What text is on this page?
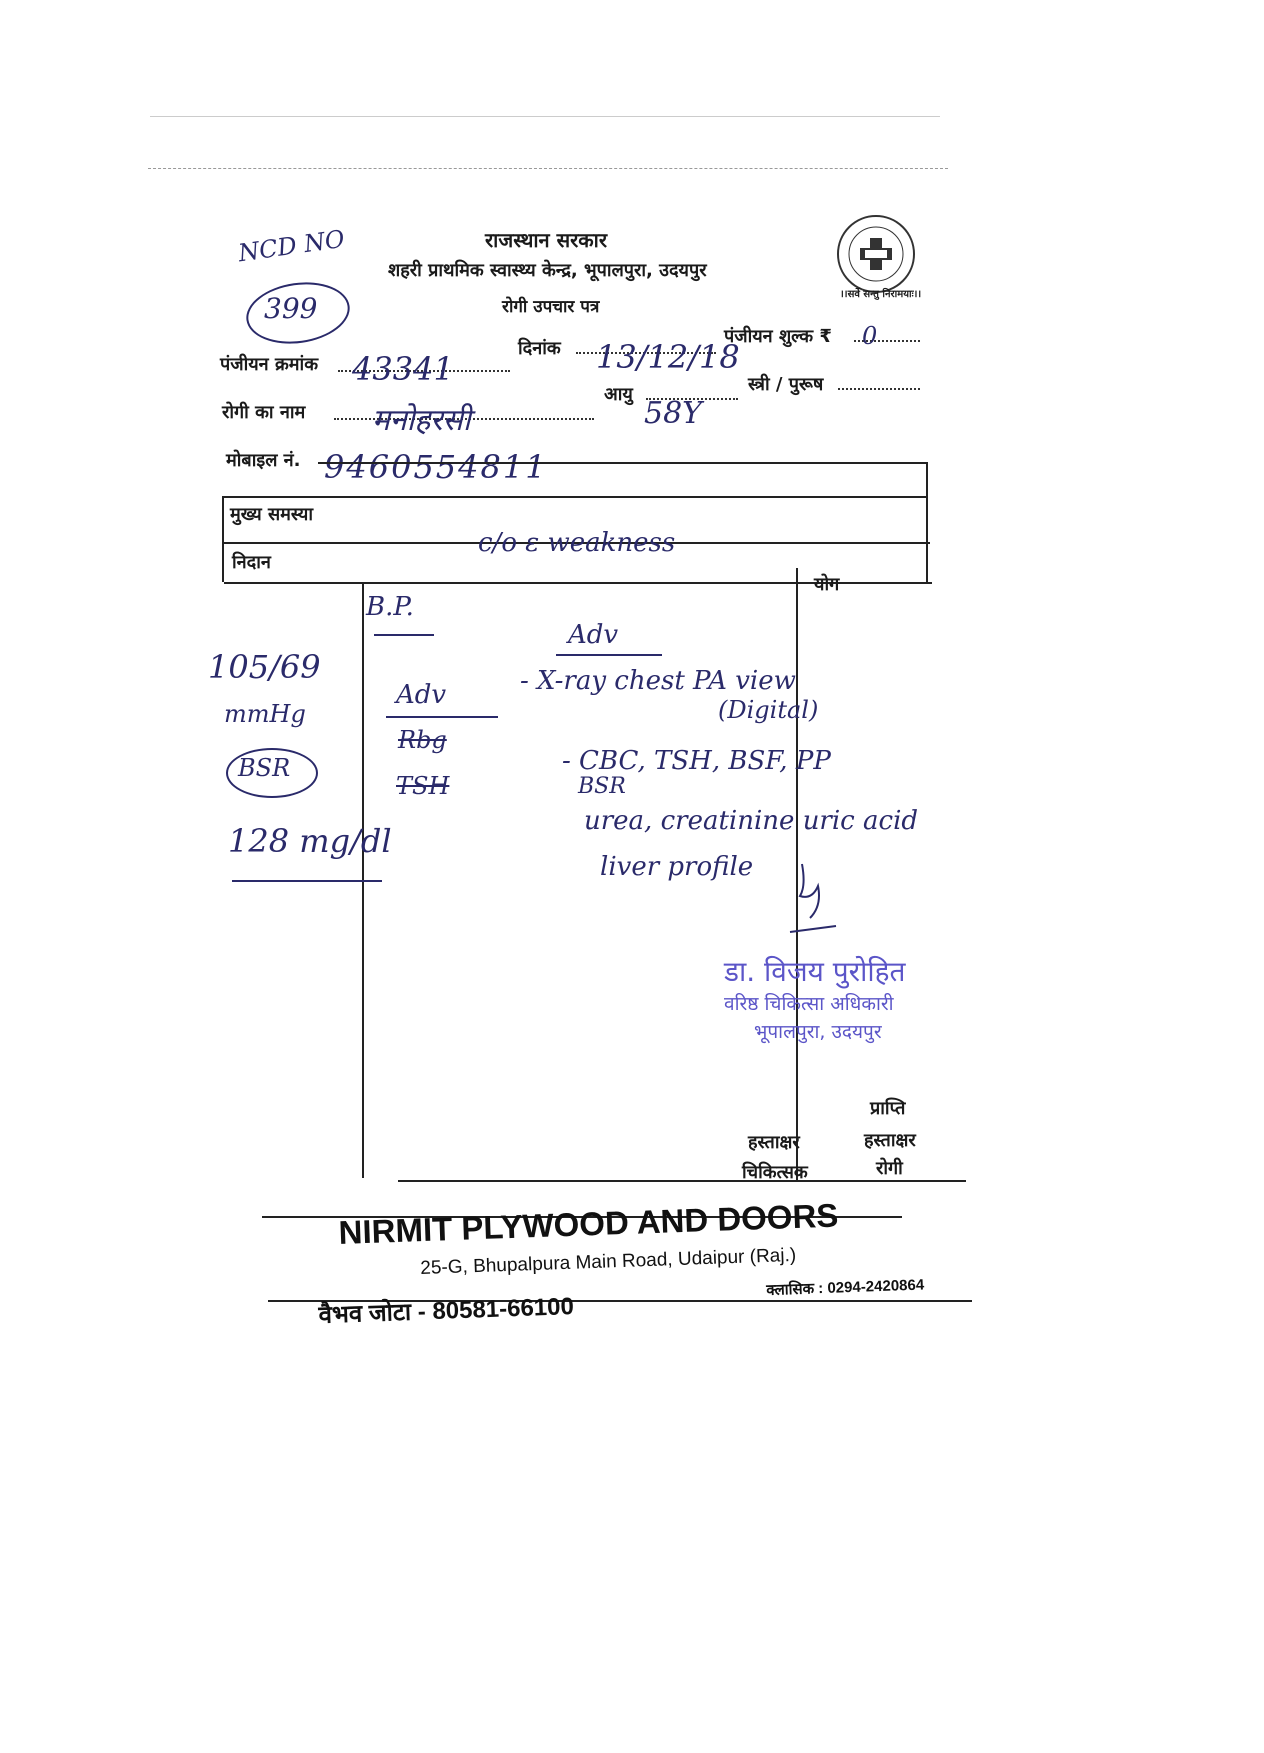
राजस्थान सरकार
शहरी प्राथमिक स्वास्थ्य केन्द्र, भूपालपुरा, उदयपुर
रोगी उपचार पत्र
।।सर्वे सन्तु निरामयाः।।
NCD NO
399
पंजीयन क्रमांक 43341
दिनांक 13/12/18
पंजीयन शुल्क ₹ 0
रोगी का नाम मनोहरसी
आयु
58Y
स्त्री / पुरूष
मोबाइल नं. 9460554811
मुख्य समस्या
निदान
c/o ε weakness
योग
B.P.
105/69
mmHg
BSR
128 mg/dl
Adv
Adv
Rbg
TSH
- X-ray chest PA view
(Digital)
- CBC, TSH, BSF, PP
BSR
urea, creatinine uric acid
liver profile
डा. विजय पुरोहित
वरिष्ठ चिकित्सा अधिकारी
भूपालपुरा, उदयपुर
प्राप्ति
हस्ताक्षर
चिकित्सक
हस्ताक्षर
रोगी
NIRMIT PLYWOOD AND DOORS
25-G, Bhupalpura Main Road, Udaipur (Raj.)
वैभव जोटा - 80581-66100
क्लासिक : 0294-2420864
